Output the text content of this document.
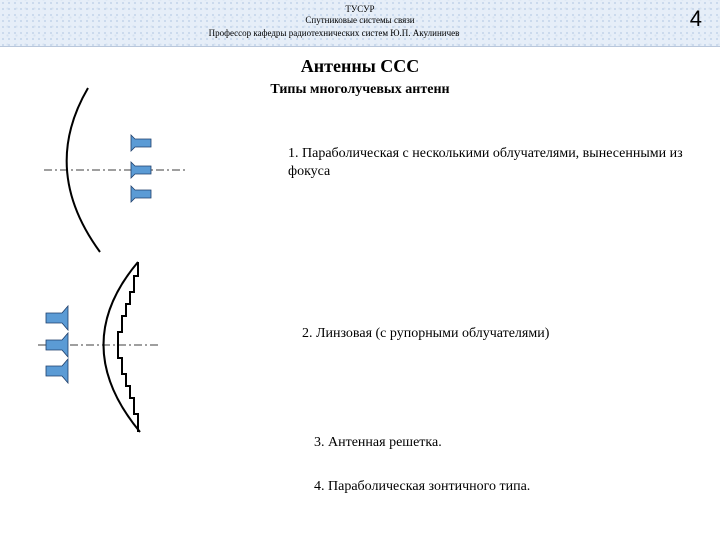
ТУСУР
Спутниковые системы связи
Профессор кафедры радиотехнических систем Ю.П. Акулиничев
4
Антенны ССС
Типы многолучевых антенн
1. Параболическая с несколькими облучателями, вынесенными из фокуса
2. Линзовая (с рупорными облучателями)
3. Антенная решетка.
4. Параболическая зонтичного типа.
